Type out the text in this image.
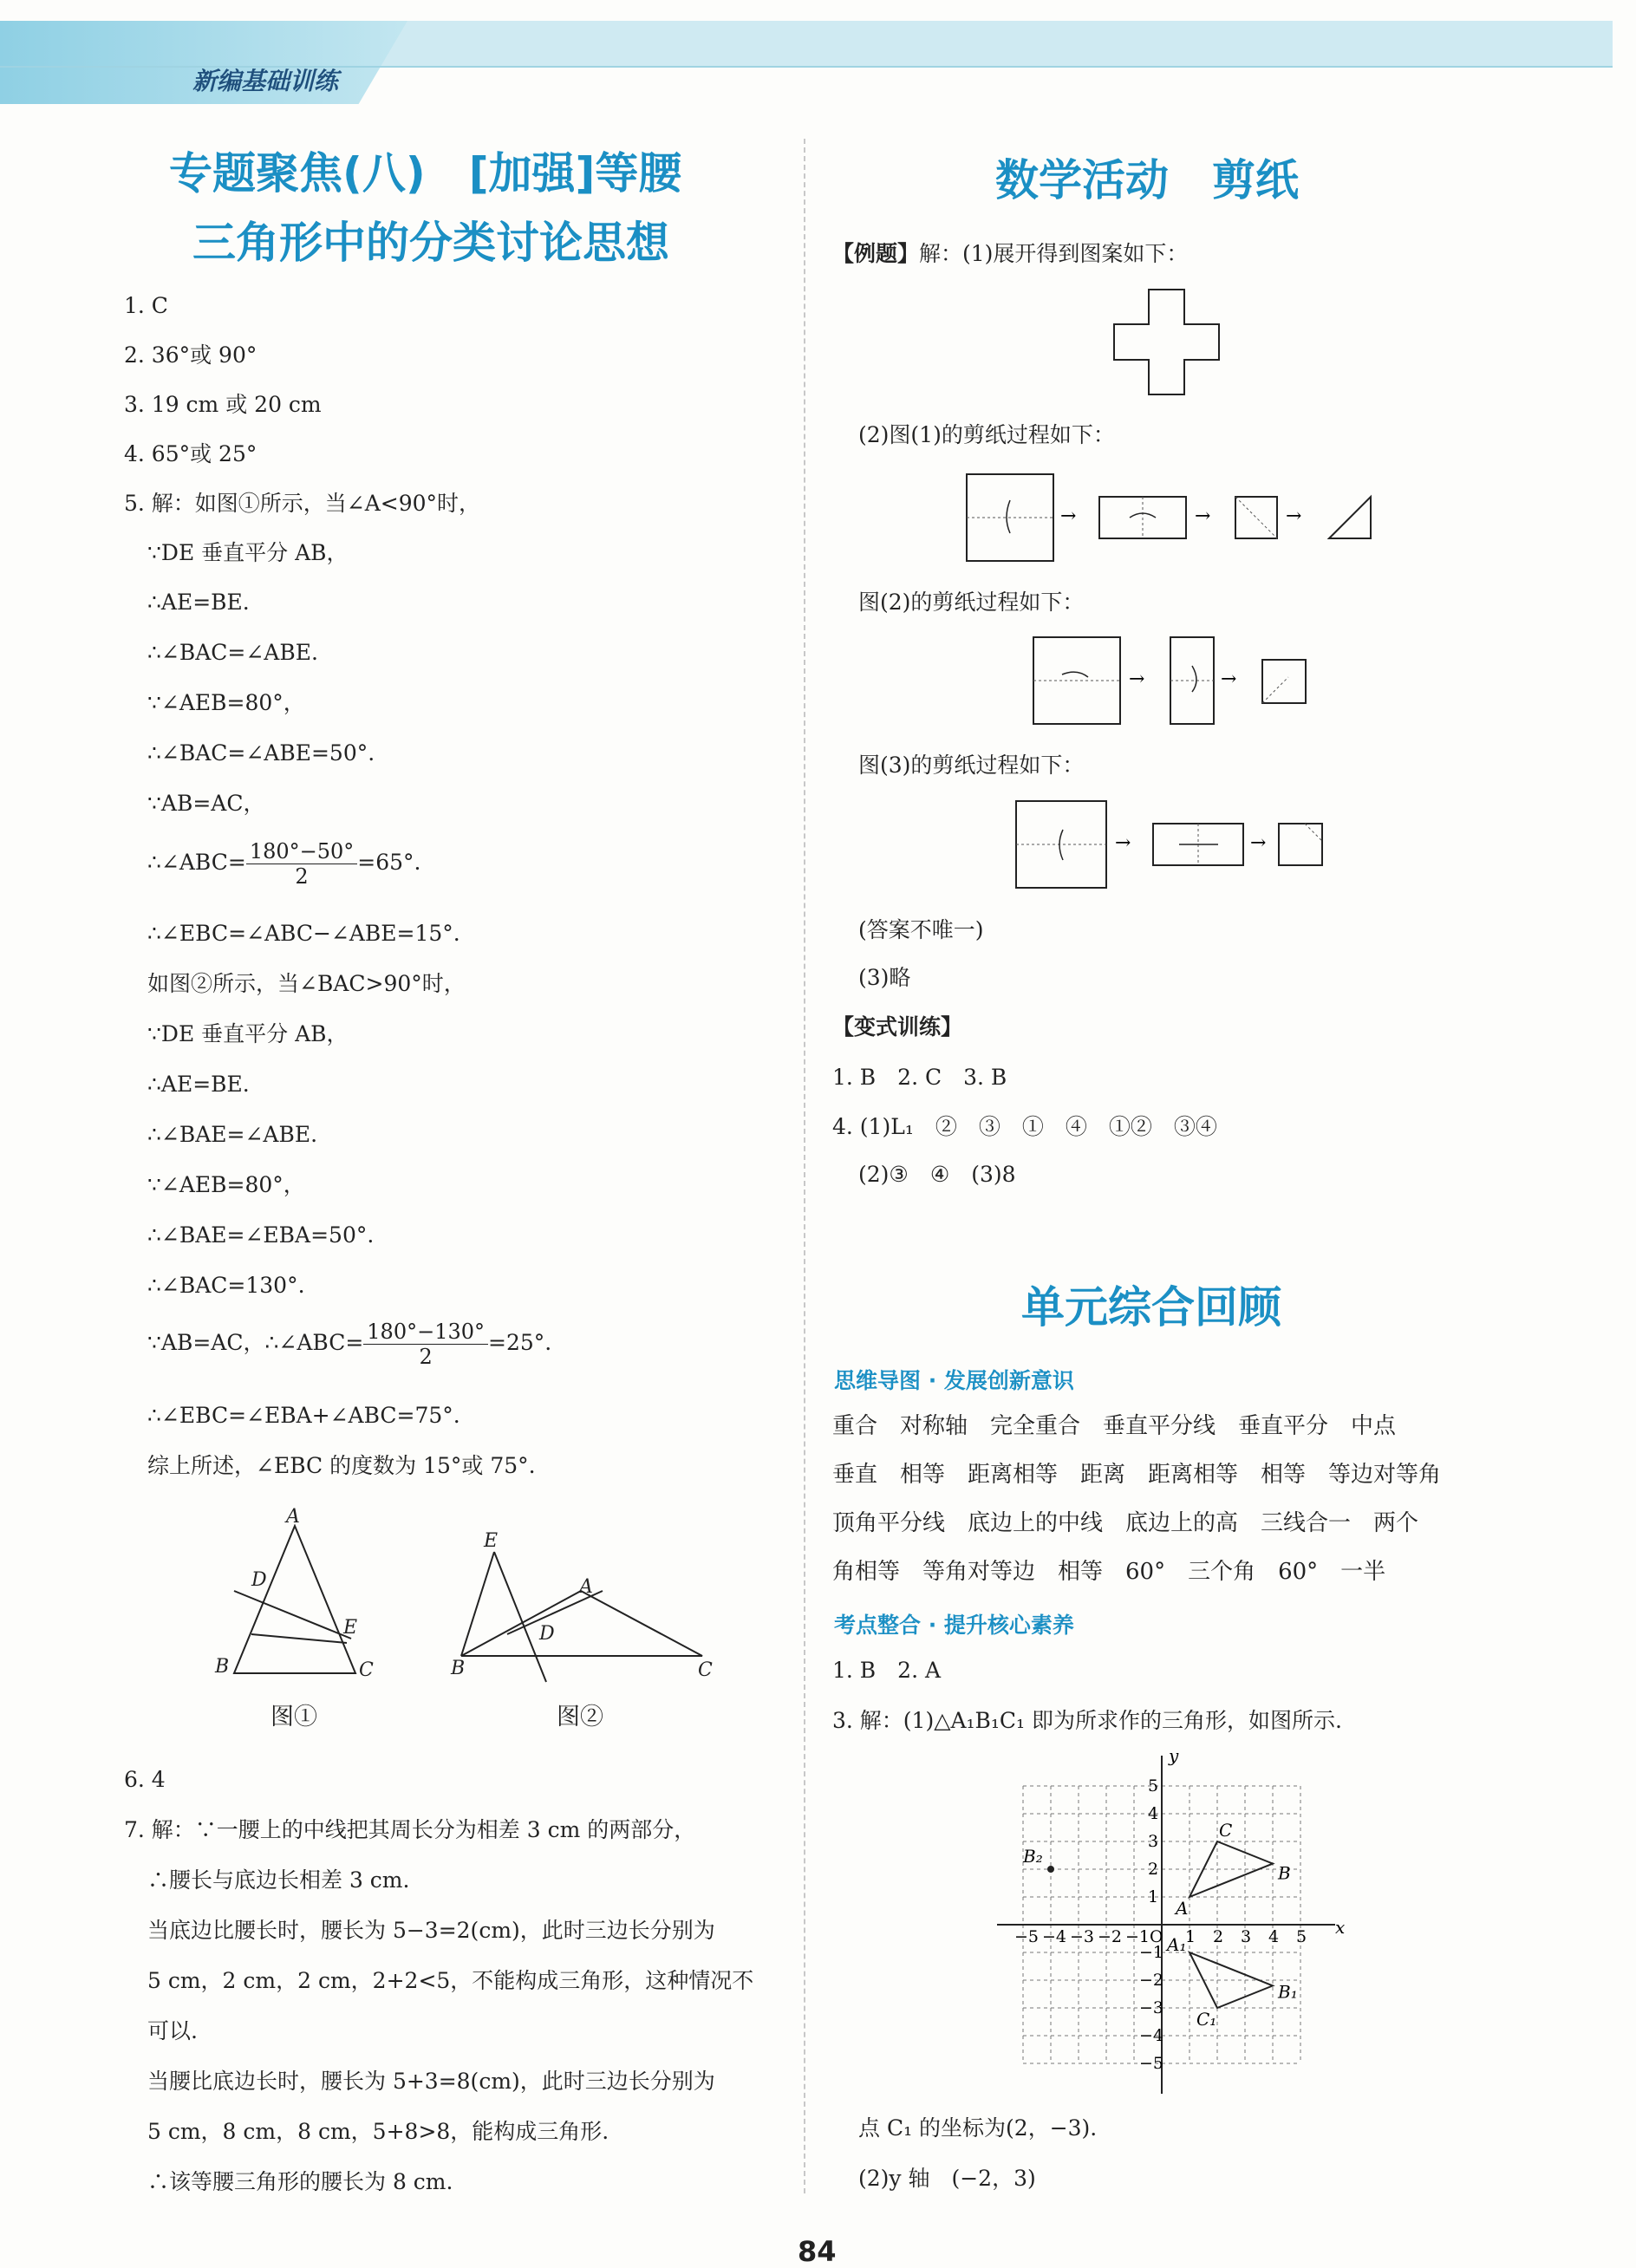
新编基础训练
专题聚焦(八)　[加强]等腰
三角形中的分类讨论思想
1. C
2. 36°或 90°
3. 19 cm 或 20 cm
4. 65°或 25°
5. 解：如图①所示，当∠A<90°时，
∵DE 垂直平分 AB，
∴AE=BE.
∴∠BAC=∠ABE.
∵∠AEB=80°，
∴∠BAC=∠ABE=50°.
∵AB=AC，
∴∠ABC= $\frac{180^\circ-50^\circ}{2} =65^\circ$.
∴∠EBC=∠ABC−∠ABE=15°.
如图②所示，当∠BAC>90°时，
∵DE 垂直平分 AB，
∴AE=BE.
∴∠BAE=∠ABE.
∵∠AEB=80°，
∴∠BAE=∠EBA=50°.
∴∠BAC=130°.
∵AB=AC，∴∠ABC= $\frac{180^\circ-130^\circ}{2} =25^\circ$.
∴∠EBC=∠EBA+∠ABC=75°.
综上所述，∠EBC 的度数为 15°或 75°.
A
B	C
D
E
图①
E
A
B	C
D
图②
6. 4
7. 解：∵一腰上的中线把其周长分为相差 3 cm 的两部分，
∴腰长与底边长相差 3 cm.
当底边比腰长时，腰长为 5−3=2(cm)，此时三边长分别为
5 cm，2 cm，2 cm，2+2<5，不能构成三角形，这种情况不
可以.
当腰比底边长时，腰长为 5+3=8(cm)，此时三边长分别为
5 cm，8 cm，8 cm，5+8>8，能构成三角形.
∴该等腰三角形的腰长为 8 cm.
数学活动　剪纸
【例题】解：(1)展开得到图案如下：
(2)图(1)的剪纸过程如下：
→	→	→
图(2)的剪纸过程如下：
→	→
图(3)的剪纸过程如下：
→	→
(答案不唯一)
(3)略
【变式训练】
1. B　2. C　3. B
4. (1)L₁　②　③　①　④　①②　③④
(2)③　④　(3)8
单元综合回顾
思维导图 · 发展创新意识
重合　对称轴　完全重合　垂直平分线　垂直平分　中点
垂直　相等　距离相等　距离　距离相等　相等　等边对等角
顶角平分线　底边上的中线　底边上的高　三线合一　两个
角相等　等角对等边　相等　60°　三个角　60°　一半
考点整合 · 提升核心素养
1. B　2. A
3. 解：(1)△A₁B₁C₁ 即为所求作的三角形，如图所示.
x
y
−5 −4 −3 −2 −1 O 1 2 3 4 5
5
4
3
2
1
−1
−2
−3
−4
−5
A
B
C
A₁
B₁
C₁
B₂
点 C₁ 的坐标为(2，−3).
(2)y 轴　(−2，3)
84
